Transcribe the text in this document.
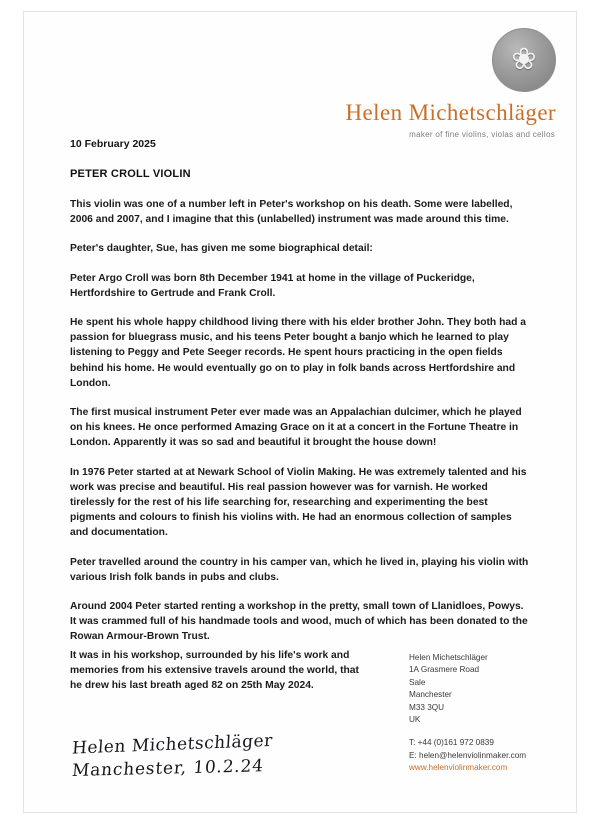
❀
Helen Michetschläger
maker of fine violins, violas and cellos
10 February 2025
PETER CROLL VIOLIN

This violin was one of a number left in Peter's workshop on his death. Some were labelled, 2006 and 2007, and I imagine that this (unlabelled) instrument was made around this time.

Peter's daughter, Sue, has given me some biographical detail:

Peter Argo Croll was born 8th December 1941 at home in the village of Puckeridge, Hertfordshire to Gertrude and Frank Croll.

He spent his whole happy childhood living there with his elder brother John. They both had a passion for bluegrass music, and his teens Peter bought a banjo which he learned to play listening to Peggy and Pete Seeger records. He spent hours practicing in the open fields behind his home. He would eventually go on to play in folk bands across Hertfordshire and London.

The first musical instrument Peter ever made was an Appalachian dulcimer, which he played on his knees. He once performed Amazing Grace on it at a concert in the Fortune Theatre in London. Apparently it was so sad and beautiful it brought the house down!

In 1976 Peter started at at Newark School of Violin Making. He was extremely talented and his work was precise and beautiful. His real passion however was for varnish. He worked tirelessly for the rest of his life searching for, researching and experimenting the best pigments and colours to finish his violins with. He had an enormous collection of samples and documentation.

Peter travelled around the country in his camper van, which he lived in, playing his violin with various Irish folk bands in pubs and clubs.

Around 2004 Peter started renting a workshop in the pretty, small town of Llanidloes, Powys. It was crammed full of his handmade tools and wood, much of which has been donated to the Rowan Armour-Brown Trust.

It was in his workshop, surrounded by his life's work and memories from his extensive travels around the world, that he drew his last breath aged 82 on 25th May 2024.
Helen Michetschläger
1A Grasmere Road
Sale
Manchester
M33 3QU
UK
T: +44 (0)161 972 0839
E: helen@helenviolinmaker.com
www.helenviolinmaker.com
Helen Michetschläger
Manchester, 10.2.24
